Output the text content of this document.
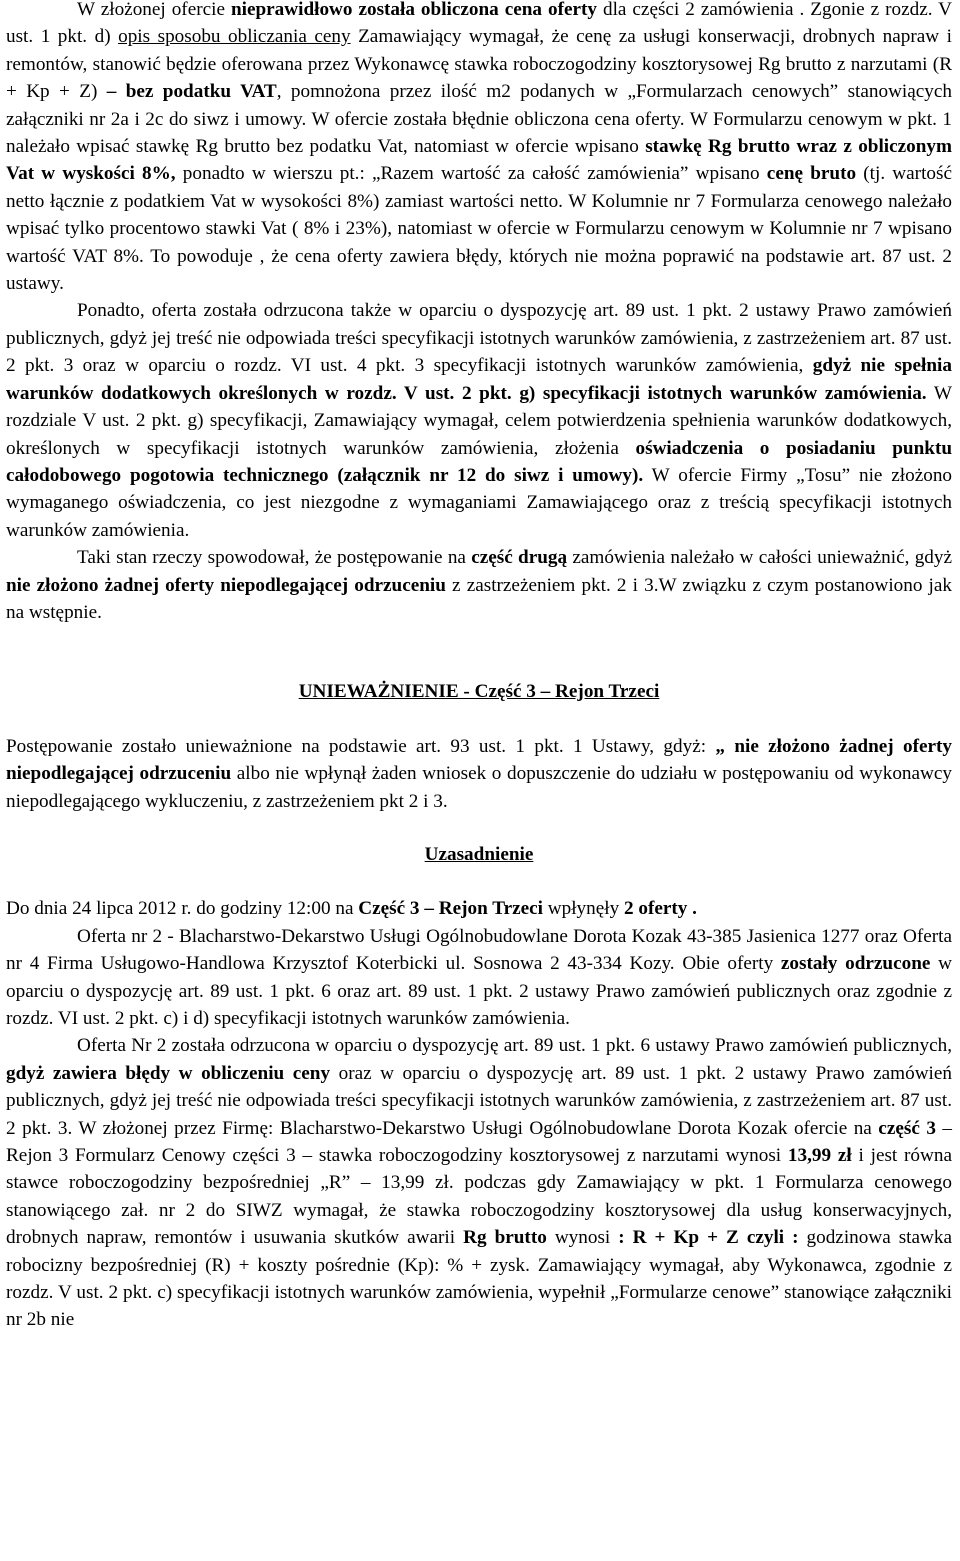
W złożonej ofercie nieprawidłowo została obliczona cena oferty dla części 2 zamówienia . Zgonie z rozdz. V ust. 1 pkt. d) opis sposobu obliczania ceny Zamawiający wymagał, że cenę za usługi konserwacji, drobnych napraw i remontów, stanowić będzie oferowana przez Wykonawcę stawka roboczogodziny kosztorysowej Rg brutto z narzutami (R + Kp + Z) – bez podatku VAT, pomnożona przez ilość m2 podanych w „Formularzach cenowych” stanowiących załączniki nr 2a i 2c do siwz i umowy. W ofercie została błędnie obliczona cena oferty. W Formularzu cenowym w pkt. 1 należało wpisać stawkę Rg brutto bez podatku Vat, natomiast w ofercie wpisano stawkę Rg brutto wraz z obliczonym Vat w wyskości 8%, ponadto w wierszu pt.: „Razem wartość za całość zamówienia” wpisano cenę bruto (tj. wartość netto łącznie z podatkiem Vat w wysokości 8%) zamiast wartości netto. W Kolumnie nr 7 Formularza cenowego należało wpisać tylko procentowo stawki Vat ( 8% i 23%), natomiast w ofercie w Formularzu cenowym w Kolumnie nr 7 wpisano wartość VAT 8%. To powoduje , że cena oferty zawiera błędy, których nie można poprawić na podstawie art. 87 ust. 2 ustawy.

Ponadto, oferta została odrzucona także w oparciu o dyspozycję art. 89 ust. 1 pkt. 2 ustawy Prawo zamówień publicznych, gdyż jej treść nie odpowiada treści specyfikacji istotnych warunków zamówienia, z zastrzeżeniem art. 87 ust. 2 pkt. 3 oraz w oparciu o rozdz. VI ust. 4 pkt. 3 specyfikacji istotnych warunków zamówienia, gdyż nie spełnia warunków dodatkowych określonych w rozdz. V ust. 2 pkt. g) specyfikacji istotnych warunków zamówienia. W rozdziale V ust. 2 pkt. g) specyfikacji, Zamawiający wymagał, celem potwierdzenia spełnienia warunków dodatkowych, określonych w specyfikacji istotnych warunków zamówienia, złożenia oświadczenia o posiadaniu punktu całodobowego pogotowia technicznego (załącznik nr 12 do siwz i umowy). W ofercie Firmy „Tosu” nie złożono wymaganego oświadczenia, co jest niezgodne z wymaganiami Zamawiającego oraz z treścią specyfikacji istotnych warunków zamówienia.

Taki stan rzeczy spowodował, że postępowanie na część drugą zamówienia należało w całości unieważnić, gdyż nie złożono żadnej oferty niepodlegającej odrzuceniu z zastrzeżeniem pkt. 2 i 3.W związku z czym postanowiono jak na wstępnie.

UNIEWAŻNIENIE - Część 3 – Rejon Trzeci

Postępowanie zostało unieważnione na podstawie art. 93 ust. 1 pkt. 1 Ustawy, gdyż: „ nie złożono żadnej oferty niepodlegającej odrzuceniu albo nie wpłynął żaden wniosek o dopuszczenie do udziału w postępowaniu od wykonawcy niepodlegającego wykluczeniu, z zastrzeżeniem pkt 2 i 3.

Uzasadnienie

Do dnia 24 lipca 2012 r. do godziny 12:00 na Część 3 – Rejon Trzeci wpłynęły 2 oferty .

Oferta nr 2 - Blacharstwo-Dekarstwo Usługi Ogólnobudowlane Dorota Kozak 43-385 Jasienica 1277 oraz Oferta nr 4 Firma Usługowo-Handlowa Krzysztof Koterbicki ul. Sosnowa 2 43-334 Kozy. Obie oferty zostały odrzucone w oparciu o dyspozycję art. 89 ust. 1 pkt. 6 oraz art. 89 ust. 1 pkt. 2 ustawy Prawo zamówień publicznych oraz zgodnie z rozdz. VI ust. 2 pkt. c) i d) specyfikacji istotnych warunków zamówienia.

Oferta Nr 2 została odrzucona w oparciu o dyspozycję art. 89 ust. 1 pkt. 6 ustawy Prawo zamówień publicznych, gdyż zawiera błędy w obliczeniu ceny oraz w oparciu o dyspozycję art. 89 ust. 1 pkt. 2 ustawy Prawo zamówień publicznych, gdyż jej treść nie odpowiada treści specyfikacji istotnych warunków zamówienia, z zastrzeżeniem art. 87 ust. 2 pkt. 3. W złożonej przez Firmę: Blacharstwo-Dekarstwo Usługi Ogólnobudowlane Dorota Kozak ofercie na część 3 – Rejon 3 Formularz Cenowy części 3 – stawka roboczogodziny kosztorysowej z narzutami wynosi 13,99 zł i jest równa stawce roboczogodziny bezpośredniej „R” – 13,99 zł. podczas gdy Zamawiający w pkt. 1 Formularza cenowego stanowiącego zał. nr 2 do SIWZ wymagał, że stawka roboczogodziny kosztorysowej dla usług konserwacyjnych, drobnych napraw, remontów i usuwania skutków awarii Rg brutto wynosi : R + Kp + Z czyli : godzinowa stawka robocizny bezpośredniej (R) + koszty pośrednie (Kp): % + zysk. Zamawiający wymagał, aby Wykonawca, zgodnie z rozdz. V ust. 2 pkt. c) specyfikacji istotnych warunków zamówienia, wypełnił „Formularze cenowe” stanowiące załączniki nr 2b nie
